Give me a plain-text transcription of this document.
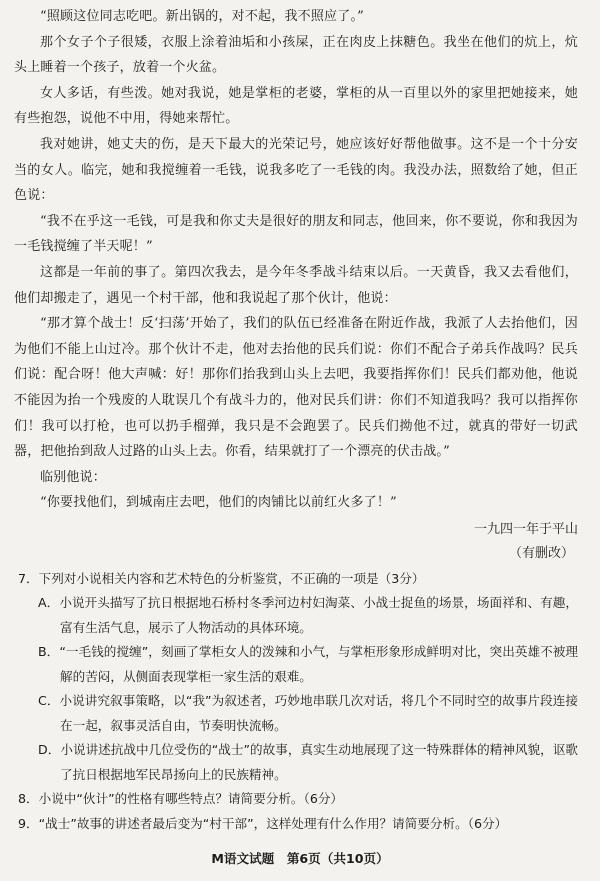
“照顾这位同志吃吧。新出锅的，对不起，我不照应了。”

那个女子个子很矮，衣服上涂着油垢和小孩屎，正在肉皮上抹糖色。我坐在他们的炕上，炕头上睡着一个孩子，放着一个火盆。

女人多话，有些泼。她对我说，她是掌柜的老婆，掌柜的从一百里以外的家里把她接来，她有些抱怨，说他不中用，得她来帮忙。

我对她讲，她丈夫的伤，是天下最大的光荣记号，她应该好好帮他做事。这不是一个十分安当的女人。临完，她和我搅缠着一毛钱，说我多吃了一毛钱的肉。我没办法，照数给了她，但正色说：

“我不在乎这一毛钱，可是我和你丈夫是很好的朋友和同志，他回来，你不要说，你和我因为一毛钱搅缠了半天呢！”

这都是一年前的事了。第四次我去，是今年冬季战斗结束以后。一天黄昏，我又去看他们，他们却搬走了，遇见一个村干部，他和我说起了那个伙计，他说：

“那才算个战士！反‘扫荡’开始了，我们的队伍已经准备在附近作战，我派了人去抬他们，因为他们不能上山过冷。那个伙计不走，他对去抬他的民兵们说：你们不配合子弟兵作战吗？民兵们说：配合呀！他大声喊：好！那你们抬我到山头上去吧，我要指挥你们！民兵们都劝他，他说不能因为抬一个残废的人耽误几个有战斗力的，他对民兵们讲：你们不知道我吗？我可以指挥你们！我可以打枪，也可以扔手榴弹，我只是不会跑罢了。民兵们拗他不过，就真的带好一切武器，把他抬到敌人过路的山头上去。你看，结果就打了一个漂亮的伏击战。”

临别他说：

“你要找他们，到城南庄去吧，他们的肉铺比以前红火多了！”

一九四一年于平山

（有删改）

7．下列对小说相关内容和艺术特色的分析鉴赏，不正确的一项是（3分）

A．小说开头描写了抗日根据地石桥村冬季河边村妇淘菜、小战士捉鱼的场景，场面祥和、有趣，富有生活气息，展示了人物活动的具体环境。

B．“一毛钱的搅缠”，刻画了掌柜女人的泼辣和小气，与掌柜形象形成鲜明对比，突出英雄不被理解的苦闷，从侧面表现掌柜一家生活的艰难。

C．小说讲究叙事策略，以“我”为叙述者，巧妙地串联几次对话，将几个不同时空的故事片段连接在一起，叙事灵活自由，节奏明快流畅。

D．小说讲述抗战中几位受伤的“战士”的故事，真实生动地展现了这一特殊群体的精神风貌，讴歌了抗日根据地军民昂扬向上的民族精神。

8．小说中“伙计”的性格有哪些特点？请简要分析。（6分）

9．“战士”故事的讲述者最后变为“村干部”，这样处理有什么作用？请简要分析。（6分）

M语文试题　第6页（共10页）
